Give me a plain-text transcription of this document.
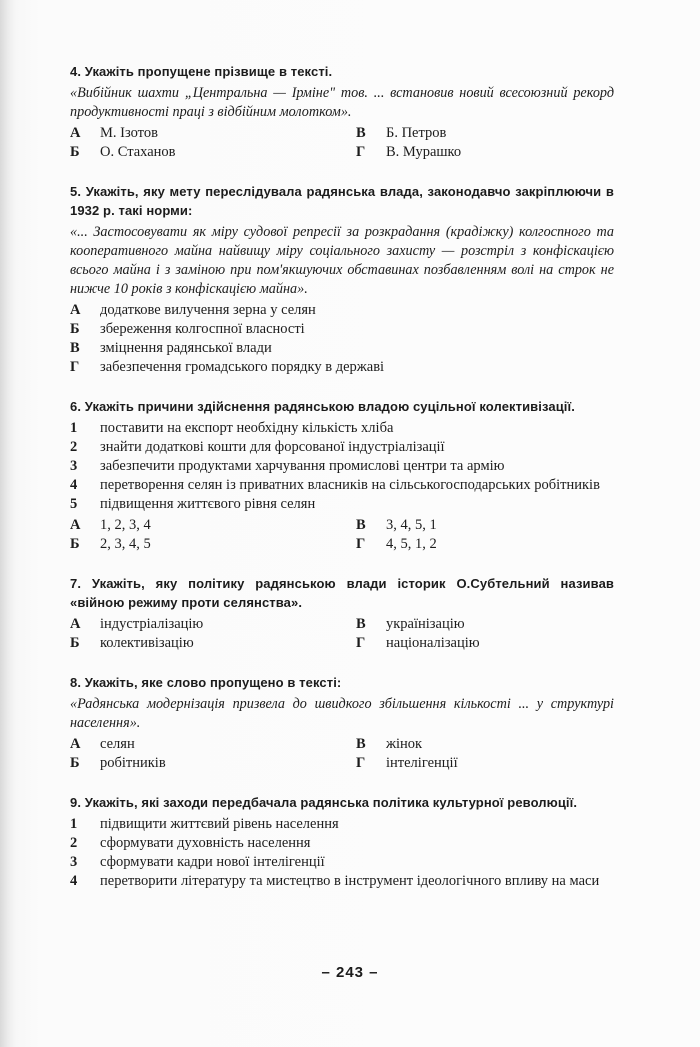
4. Укажіть пропущене прізвище в тексті.
«Вибійник шахти „Центральна — Ірміне" тов. ... встановив новий всесоюзний рекорд продуктивності праці з відбійним молотком».
А	М. Ізотов	В	Б. Петров
Б	О. Стаханов	Г	В. Мурашко
5. Укажіть, яку мету переслідувала радянська влада, законодавчо закріплюючи в 1932 р. такі норми:
«... Застосовувати як міру судової репресії за розкрадання (крадіжку) колгоспного та кооперативного майна найвищу міру соціального захисту — розстріл з конфіскацією всього майна і з заміною при пом'якшуючих обставинах позбавленням волі на строк не нижче 10 років з конфіскацією майна».
А	додаткове вилучення зерна у селян
Б	збереження колгоспної власності
В	зміцнення радянської влади
Г	забезпечення громадського порядку в державі
6. Укажіть причини здійснення радянською владою суцільної колективізації.
1	поставити на експорт необхідну кількість хліба
2	знайти додаткові кошти для форсованої індустріалізації
3	забезпечити продуктами харчування промислові центри та армію
4	перетворення селян із приватних власників на сільськогосподарських робітників
5	підвищення життєвого рівня селян
А	1, 2, 3, 4	В	3, 4, 5, 1
Б	2, 3, 4, 5	Г	4, 5, 1, 2
7. Укажіть, яку політику радянською влади історик О.Субтельний називав «війною режиму проти селянства».
А	індустріалізацію	В	українізацію
Б	колективізацію	Г	націоналізацію
8. Укажіть, яке слово пропущено в тексті:
«Радянська модернізація призвела до швидкого збільшення кількості ... у структурі населення».
А	селян	В	жінок
Б	робітників	Г	інтелігенції
9. Укажіть, які заходи передбачала радянська політика культурної революції.
1	підвищити життєвий рівень населення
2	сформувати духовність населення
3	сформувати кадри нової інтелігенції
4	перетворити літературу та мистецтво в інструмент ідеологічного впливу на маси
– 243 –
